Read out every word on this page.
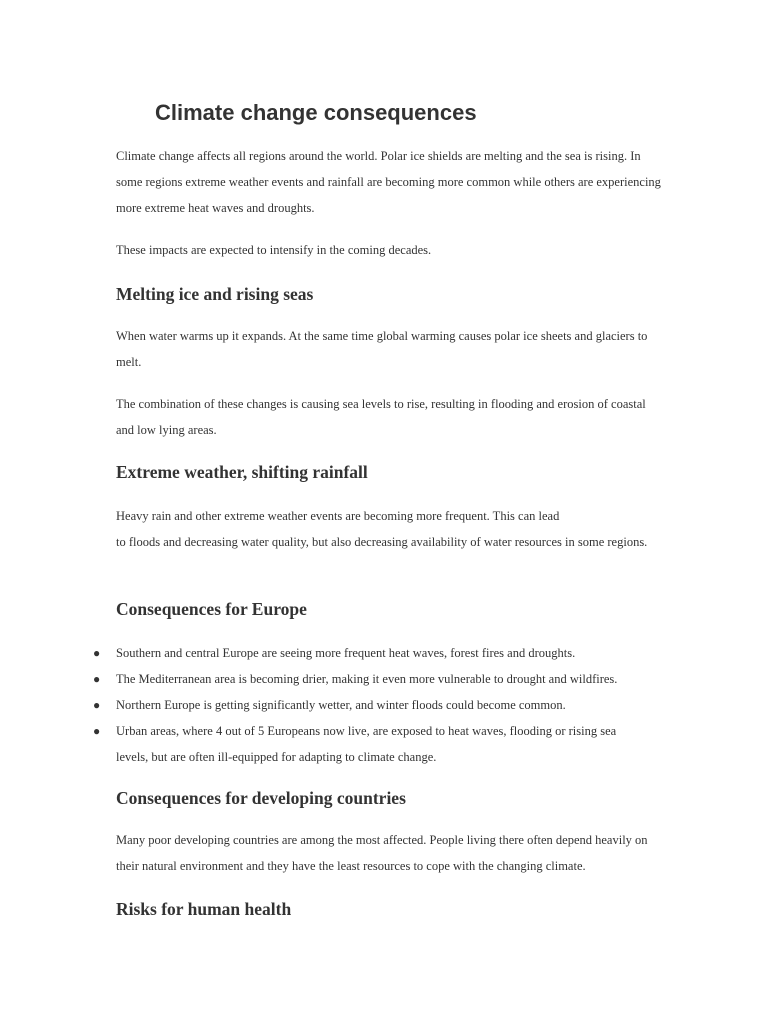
Climate change consequences

Climate change affects all regions around the world. Polar ice shields are melting and the sea is rising. In some regions extreme weather events and rainfall are becoming more common while others are experiencing more extreme heat waves and droughts.

These impacts are expected to intensify in the coming decades.

Melting ice and rising seas

When water warms up it expands. At the same time global warming causes polar ice sheets and glaciers to melt.

The combination of these changes is causing sea levels to rise, resulting in flooding and erosion of coastal and low lying areas.

Extreme weather, shifting rainfall

Heavy rain and other extreme weather events are becoming more frequent. This can lead
to floods and decreasing water quality, but also decreasing availability of water resources in some regions.

Consequences for Europe
● Southern and central Europe are seeing more frequent heat waves, forest fires and droughts.
● The Mediterranean area is becoming drier, making it even more vulnerable to drought and wildfires.
● Northern Europe is getting significantly wetter, and winter floods could become common.
● Urban areas, where 4 out of 5 Europeans now live, are exposed to heat waves, flooding or rising sea levels, but are often ill-equipped for adapting to climate change.
Consequences for developing countries

Many poor developing countries are among the most affected. People living there often depend heavily on their natural environment and they have the least resources to cope with the changing climate.

Risks for human health
